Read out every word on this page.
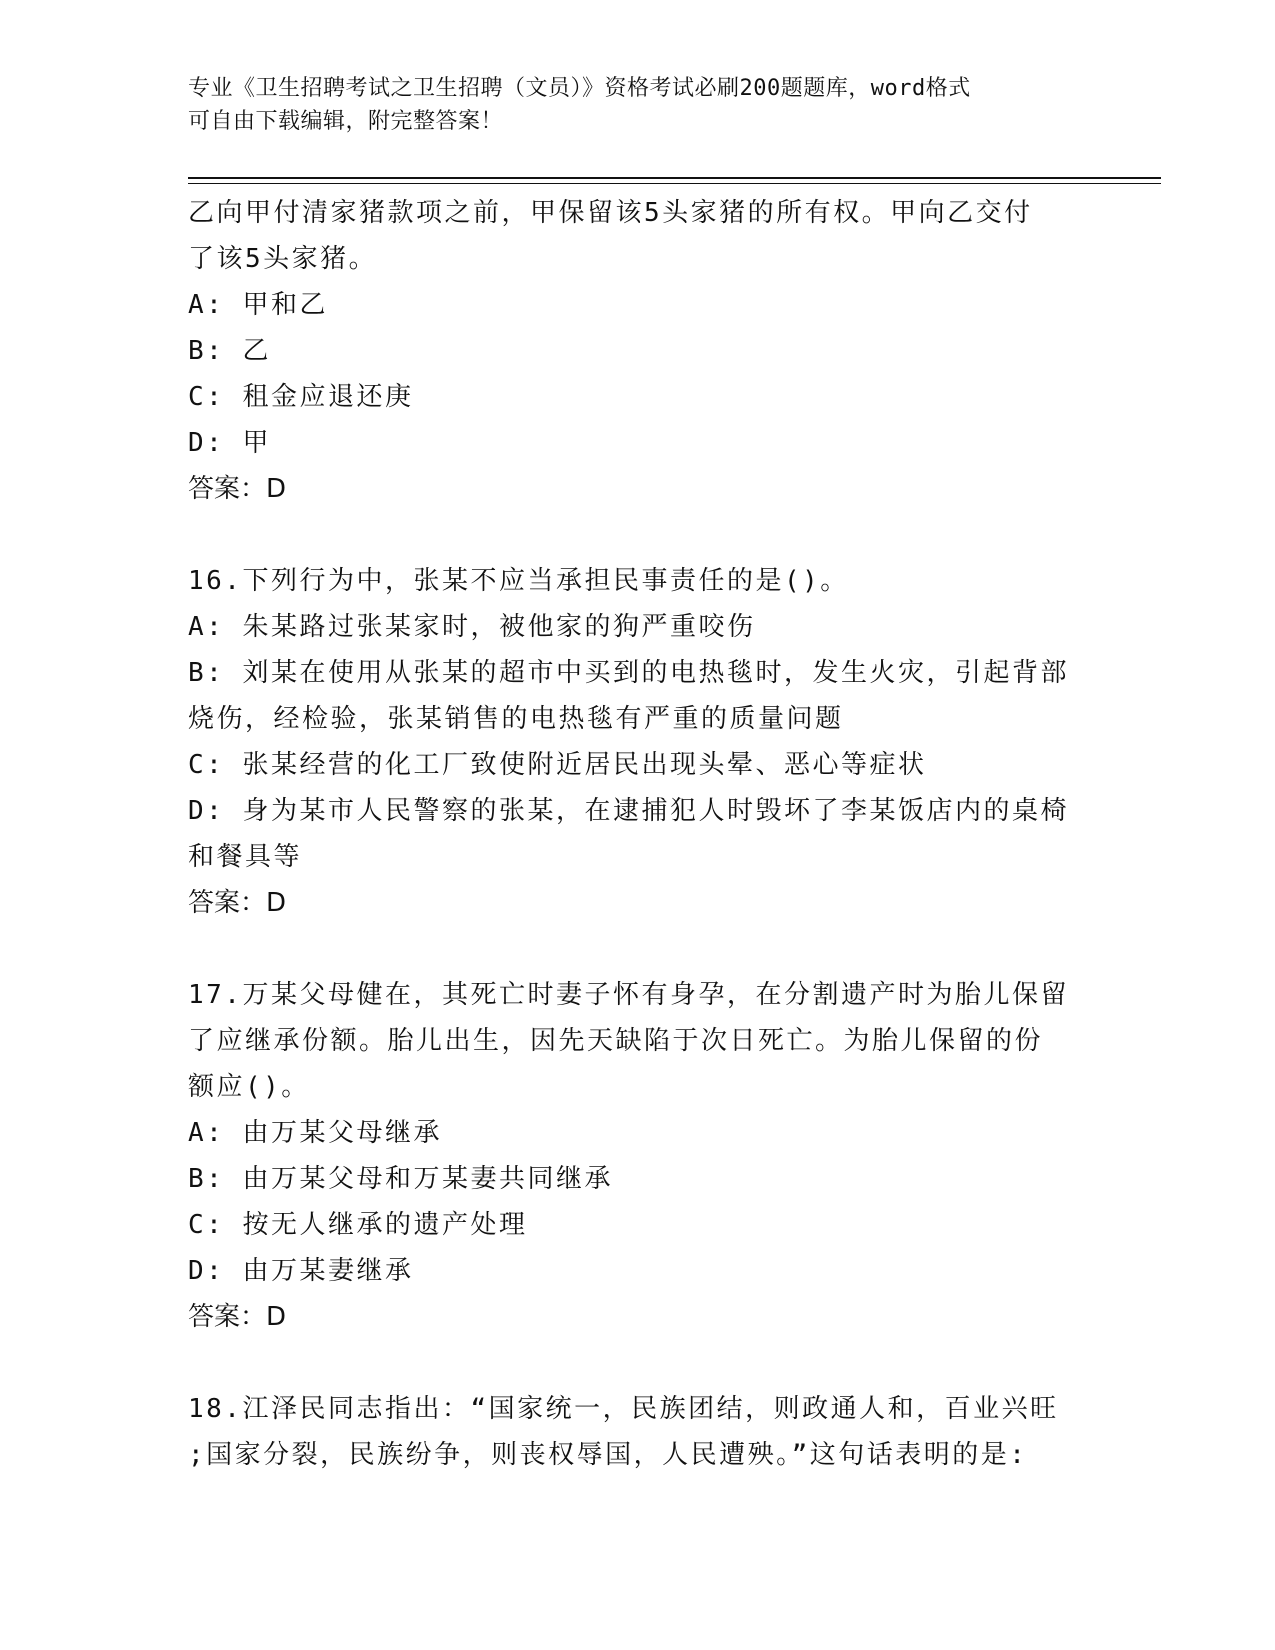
专业《卫生招聘考试之卫生招聘（文员）》资格考试必刷200题题库，word格式
可自由下载编辑，附完整答案！
乙向甲付清家猪款项之前，甲保留该5头家猪的所有权。甲向乙交付
了该5头家猪。
A: 甲和乙
B: 乙
C: 租金应退还庚
D: 甲
答案：D
16.下列行为中，张某不应当承担民事责任的是()。
A: 朱某路过张某家时，被他家的狗严重咬伤
B: 刘某在使用从张某的超市中买到的电热毯时，发生火灾，引起背部
烧伤，经检验，张某销售的电热毯有严重的质量问题
C: 张某经营的化工厂致使附近居民出现头晕、恶心等症状
D: 身为某市人民警察的张某，在逮捕犯人时毁坏了李某饭店内的桌椅
和餐具等
答案：D
17.万某父母健在，其死亡时妻子怀有身孕，在分割遗产时为胎儿保留
了应继承份额。胎儿出生，因先天缺陷于次日死亡。为胎儿保留的份
额应()。
A: 由万某父母继承
B: 由万某父母和万某妻共同继承
C: 按无人继承的遗产处理
D: 由万某妻继承
答案：D
18.江泽民同志指出：“国家统一，民族团结，则政通人和，百业兴旺
;国家分裂，民族纷争，则丧权辱国，人民遭殃。”这句话表明的是:
